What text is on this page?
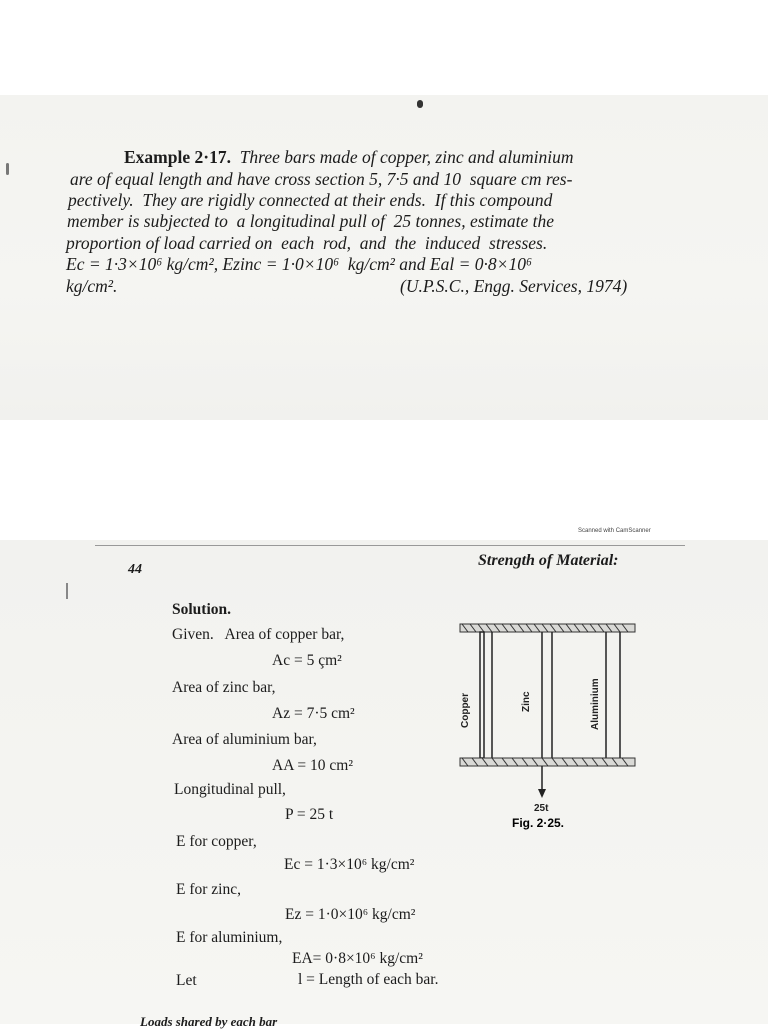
Example 2·17. Three bars made of copper, zinc and aluminium
are of equal length and have cross section 5, 7·5 and 10  square cm res-
pectively.  They are rigidly connected at their ends.  If this compound
member is subjected to  a longitudinal pull of  25 tonnes, estimate the
proportion of load carried on  each  rod,  and  the  induced  stresses.
Ec = 1·3×10⁶ kg/cm², Ezinc = 1·0×10⁶  kg/cm² and Eal = 0·8×10⁶
kg/cm².	(U.P.S.C., Engg. Services, 1974)
Scanned with CamScanner
44
Strength of Material:
Solution.
Given.   Area of copper bar,
Ac = 5 çm²
Area of zinc bar,
Az = 7·5 cm²
Area of aluminium bar,
AA = 10 cm²
Longitudinal pull,
P = 25 t
E for copper,
Ec = 1·3×10⁶ kg/cm²
E for zinc,
Ez = 1·0×10⁶ kg/cm²
E for aluminium,
EA= 0·8×10⁶ kg/cm²
Let	l = Length of each bar.
Loads shared by each bar
Copper	Zinc	Aluminium
25t
Fig. 2·25.
